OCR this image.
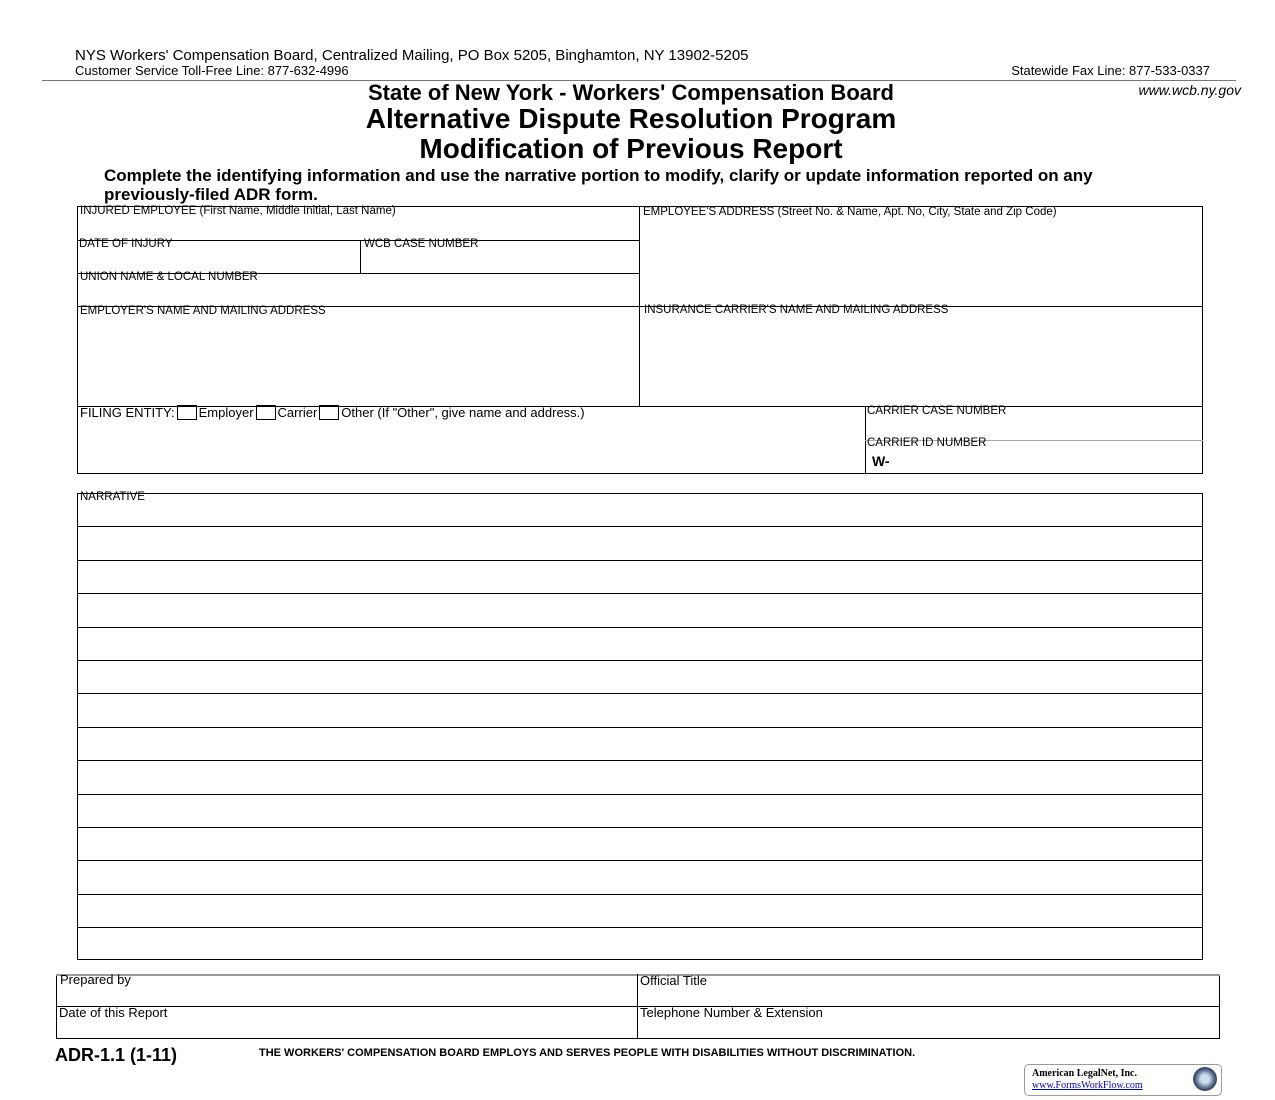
NYS Workers' Compensation Board, Centralized Mailing, PO Box 5205, Binghamton, NY 13902-5205
Customer Service Toll-Free Line: 877-632-4996	Statewide Fax Line: 877-533-0337
www.wcb.ny.gov
State of New York - Workers' Compensation Board
Alternative Dispute Resolution Program
Modification of Previous Report
Complete the identifying information and use the narrative portion to modify, clarify or update information reported on any previously-filed ADR form.
INJURED EMPLOYEE (First Name, Middle Initial, Last Name)	EMPLOYEE'S ADDRESS (Street No. & Name, Apt. No, City, State and Zip Code)
DATE OF INJURY	WCB CASE NUMBER
UNION NAME & LOCAL NUMBER
EMPLOYER'S NAME AND MAILING ADDRESS	INSURANCE CARRIER'S NAME AND MAILING ADDRESS
FILING ENTITY: Employer Carrier Other (If "Other", give name and address.)	CARRIER CASE NUMBER
CARRIER ID NUMBER
W-
NARRATIVE
Prepared by	Official Title
Date of this Report	Telephone Number & Extension
ADR-1.1 (1-11)	THE WORKERS' COMPENSATION BOARD EMPLOYS AND SERVES PEOPLE WITH DISABILITIES WITHOUT DISCRIMINATION.
American LegalNet, Inc.
www.FormsWorkFlow.com
